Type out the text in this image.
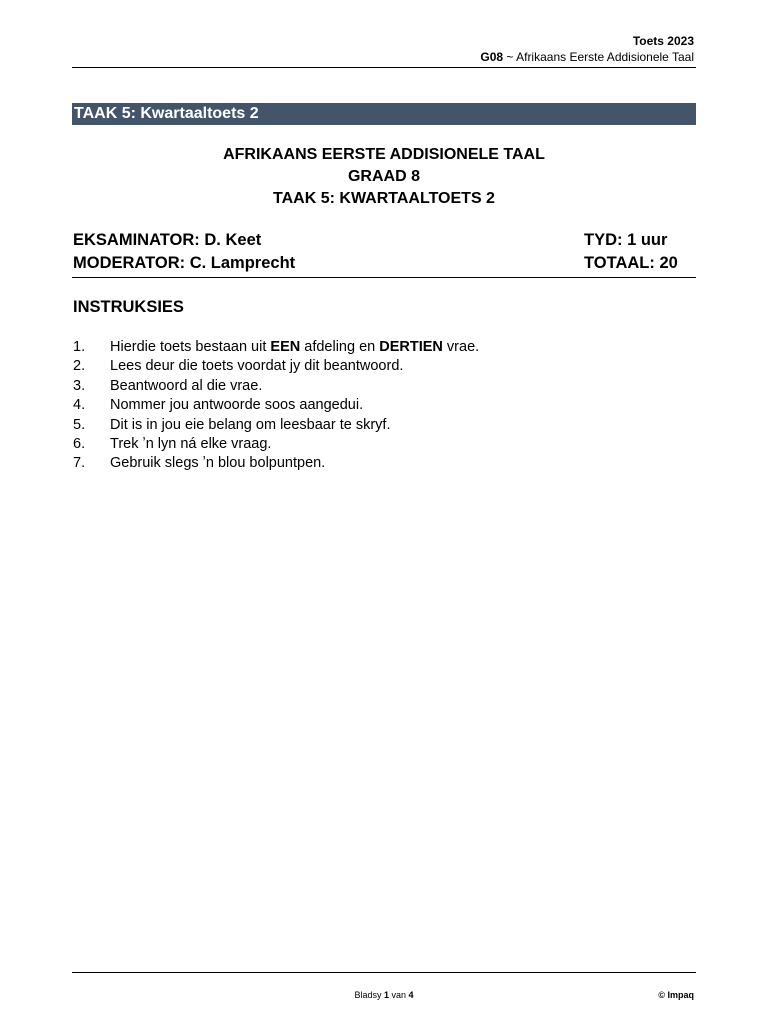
Toets 2023
G08 ~ Afrikaans Eerste Addisionele Taal
TAAK 5: Kwartaaltoets 2
AFRIKAANS EERSTE ADDISIONELE TAAL
GRAAD 8
TAAK 5: KWARTAALTOETS 2
EKSAMINATOR: D. Keet	TYD: 1 uur
MODERATOR: C. Lamprecht	TOTAAL: 20
INSTRUKSIES
1. Hierdie toets bestaan uit EEN afdeling en DERTIEN vrae.
2. Lees deur die toets voordat jy dit beantwoord.
3. Beantwoord al die vrae.
4. Nommer jou antwoorde soos aangedui.
5. Dit is in jou eie belang om leesbaar te skryf.
6. Trek ʼn lyn ná elke vraag.
7. Gebruik slegs ʼn blou bolpuntpen.
Bladsy 1 van 4	© Impaq
